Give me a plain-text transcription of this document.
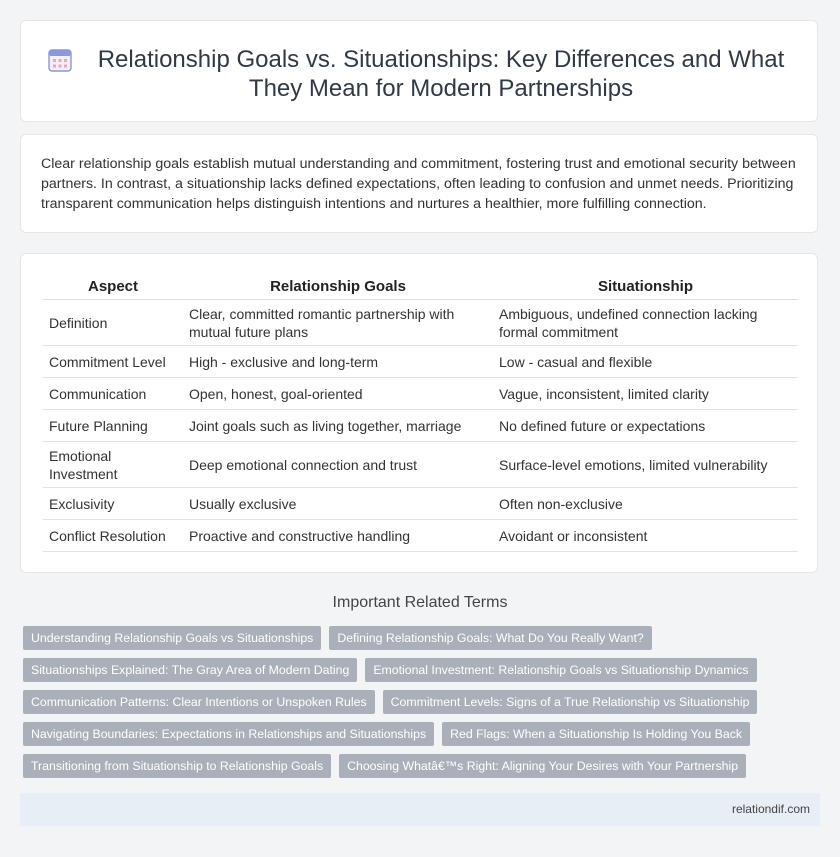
Relationship Goals vs. Situationships: Key Differences and What They Mean for Modern Partnerships

Clear relationship goals establish mutual understanding and commitment, fostering trust and emotional security between partners. In contrast, a situationship lacks defined expectations, often leading to confusion and unmet needs. Prioritizing transparent communication helps distinguish intentions and nurtures a healthier, more fulfilling connection.

Aspect	Relationship Goals	Situationship
Definition	Clear, committed romantic partnership with mutual future plans	Ambiguous, undefined connection lacking formal commitment
Commitment Level	High - exclusive and long-term	Low - casual and flexible
Communication	Open, honest, goal-oriented	Vague, inconsistent, limited clarity
Future Planning	Joint goals such as living together, marriage	No defined future or expectations
Emotional Investment	Deep emotional connection and trust	Surface-level emotions, limited vulnerability
Exclusivity	Usually exclusive	Often non-exclusive
Conflict Resolution	Proactive and constructive handling	Avoidant or inconsistent
Important Related Terms
Understanding Relationship Goals vs Situationships	Defining Relationship Goals: What Do You Really Want?
Situationships Explained: The Gray Area of Modern Dating	Emotional Investment: Relationship Goals vs Situationship Dynamics
Communication Patterns: Clear Intentions or Unspoken Rules	Commitment Levels: Signs of a True Relationship vs Situationship
Navigating Boundaries: Expectations in Relationships and Situationships	Red Flags: When a Situationship Is Holding You Back
Transitioning from Situationship to Relationship Goals	Choosing Whatâ€™s Right: Aligning Your Desires with Your Partnership
relationdif.com
